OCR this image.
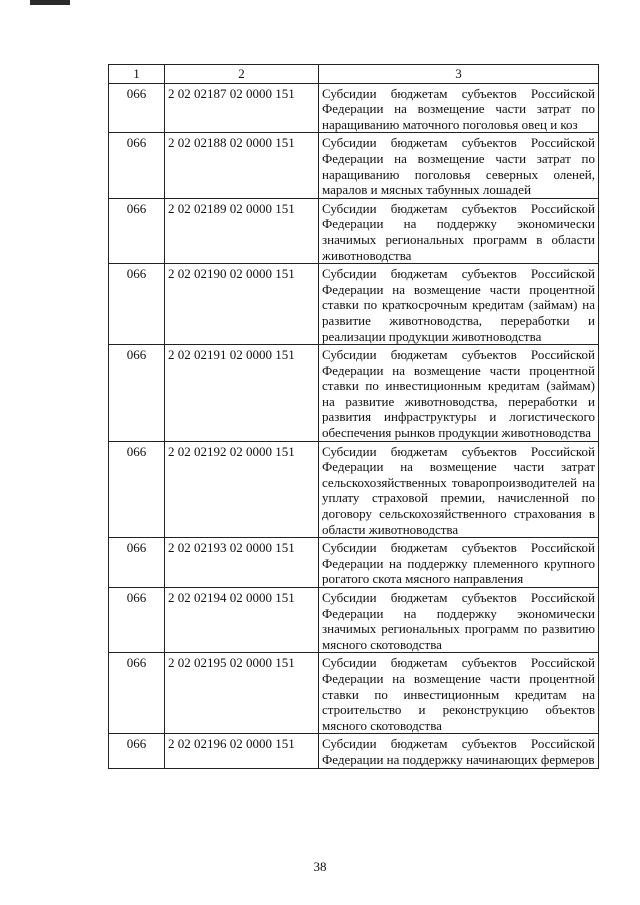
1	2	3
066	2 02 02187 02 0000 151	Субсидии бюджетам субъектов Российской Федерации на возмещение части затрат по наращиванию маточного поголовья овец и коз
066	2 02 02188 02 0000 151	Субсидии бюджетам субъектов Российской Федерации на возмещение части затрат по наращиванию поголовья северных оленей, маралов и мясных табунных лошадей
066	2 02 02189 02 0000 151	Субсидии бюджетам субъектов Российской Федерации на поддержку экономически значимых региональных программ в области животноводства
066	2 02 02190 02 0000 151	Субсидии бюджетам субъектов Российской Федерации на возмещение части процентной ставки по краткосрочным кредитам (займам) на развитие животноводства, переработки и реализации продукции животноводства
066	2 02 02191 02 0000 151	Субсидии бюджетам субъектов Российской Федерации на возмещение части процентной ставки по инвестиционным кредитам (займам) на развитие животноводства, переработки и развития инфраструктуры и логистического обеспечения рынков продукции животноводства
066	2 02 02192 02 0000 151	Субсидии бюджетам субъектов Российской Федерации на возмещение части затрат сельскохозяйственных товаропроизводителей на уплату страховой премии, начисленной по договору сельскохозяйственного страхования в области животноводства
066	2 02 02193 02 0000 151	Субсидии бюджетам субъектов Российской Федерации на поддержку племенного крупного рогатого скота мясного направления
066	2 02 02194 02 0000 151	Субсидии бюджетам субъектов Российской Федерации на поддержку экономически значимых региональных программ по развитию мясного скотоводства
066	2 02 02195 02 0000 151	Субсидии бюджетам субъектов Российской Федерации на возмещение части процентной ставки по инвестиционным кредитам на строительство и реконструкцию объектов мясного скотоводства
066	2 02 02196 02 0000 151	Субсидии бюджетам субъектов Российской Федерации на поддержку начинающих фермеров
38
